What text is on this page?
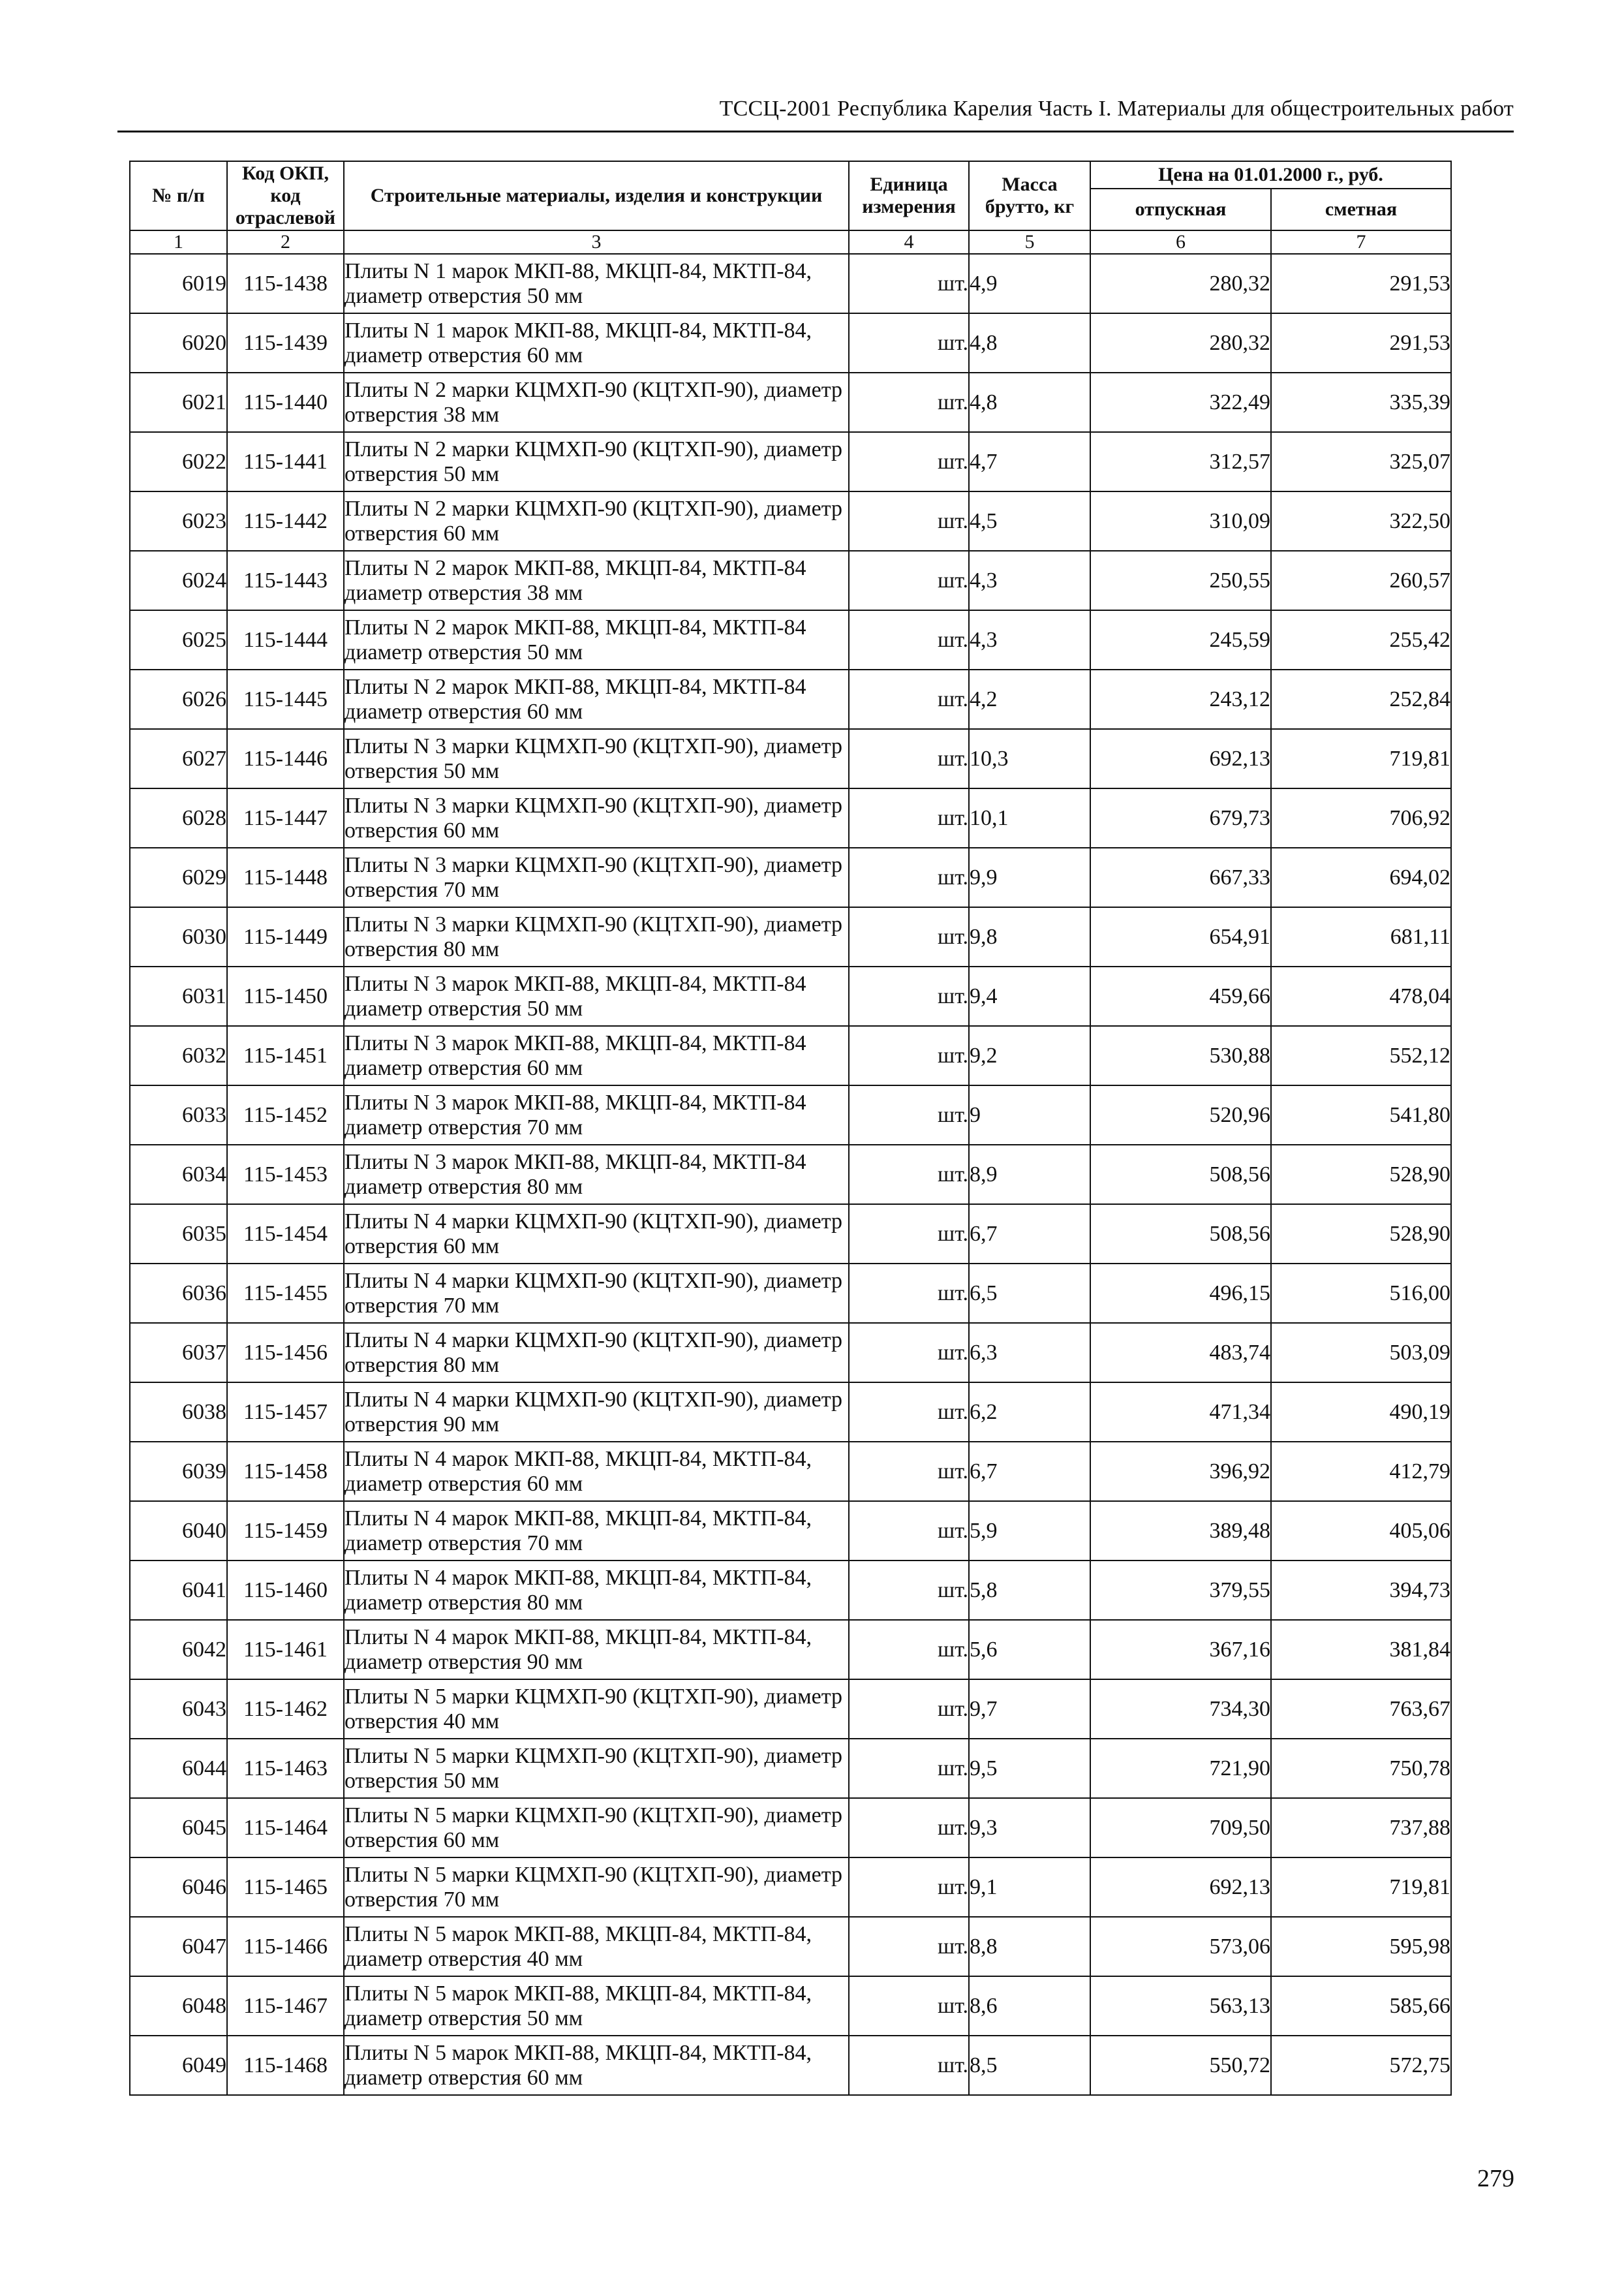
ТССЦ-2001 Республика Карелия Часть I. Материалы для общестроительных работ
№ п/п	Код ОКП, код отраслевой	Строительные материалы, изделия и конструкции	Единица измерения	Масса брутто, кг	Цена на 01.01.2000 г., руб.	
					отпускная	сметная
1	2	3	4	5	6	7
6019	115-1438	Плиты N 1 марок МКП-88, МКЦП-84, МКТП-84, диаметр отверстия 50 мм	шт.	4,9	280,32	291,53
6020	115-1439	Плиты N 1 марок МКП-88, МКЦП-84, МКТП-84, диаметр отверстия 60 мм	шт.	4,8	280,32	291,53
6021	115-1440	Плиты N 2 марки КЦМХП-90 (КЦТХП-90), диаметр отверстия 38 мм	шт.	4,8	322,49	335,39
6022	115-1441	Плиты N 2 марки КЦМХП-90 (КЦТХП-90), диаметр отверстия 50 мм	шт.	4,7	312,57	325,07
6023	115-1442	Плиты N 2 марки КЦМХП-90 (КЦТХП-90), диаметр отверстия 60 мм	шт.	4,5	310,09	322,50
6024	115-1443	Плиты N 2 марок МКП-88, МКЦП-84, МКТП-84 диаметр отверстия 38 мм	шт.	4,3	250,55	260,57
6025	115-1444	Плиты N 2 марок МКП-88, МКЦП-84, МКТП-84 диаметр отверстия 50 мм	шт.	4,3	245,59	255,42
6026	115-1445	Плиты N 2 марок МКП-88, МКЦП-84, МКТП-84 диаметр отверстия 60 мм	шт.	4,2	243,12	252,84
6027	115-1446	Плиты N 3 марки КЦМХП-90 (КЦТХП-90), диаметр отверстия 50 мм	шт.	10,3	692,13	719,81
6028	115-1447	Плиты N 3 марки КЦМХП-90 (КЦТХП-90), диаметр отверстия 60 мм	шт.	10,1	679,73	706,92
6029	115-1448	Плиты N 3 марки КЦМХП-90 (КЦТХП-90), диаметр отверстия 70 мм	шт.	9,9	667,33	694,02
6030	115-1449	Плиты N 3 марки КЦМХП-90 (КЦТХП-90), диаметр отверстия 80 мм	шт.	9,8	654,91	681,11
6031	115-1450	Плиты N 3 марок МКП-88, МКЦП-84, МКТП-84 диаметр отверстия 50 мм	шт.	9,4	459,66	478,04
6032	115-1451	Плиты N 3 марок МКП-88, МКЦП-84, МКТП-84 диаметр отверстия 60 мм	шт.	9,2	530,88	552,12
6033	115-1452	Плиты N 3 марок МКП-88, МКЦП-84, МКТП-84 диаметр отверстия 70 мм	шт.	9	520,96	541,80
6034	115-1453	Плиты N 3 марок МКП-88, МКЦП-84, МКТП-84 диаметр отверстия 80 мм	шт.	8,9	508,56	528,90
6035	115-1454	Плиты N 4 марки КЦМХП-90 (КЦТХП-90), диаметр отверстия 60 мм	шт.	6,7	508,56	528,90
6036	115-1455	Плиты N 4 марки КЦМХП-90 (КЦТХП-90), диаметр отверстия 70 мм	шт.	6,5	496,15	516,00
6037	115-1456	Плиты N 4 марки КЦМХП-90 (КЦТХП-90), диаметр отверстия 80 мм	шт.	6,3	483,74	503,09
6038	115-1457	Плиты N 4 марки КЦМХП-90 (КЦТХП-90), диаметр отверстия 90 мм	шт.	6,2	471,34	490,19
6039	115-1458	Плиты N 4 марок МКП-88, МКЦП-84, МКТП-84, диаметр отверстия 60 мм	шт.	6,7	396,92	412,79
6040	115-1459	Плиты N 4 марок МКП-88, МКЦП-84, МКТП-84, диаметр отверстия 70 мм	шт.	5,9	389,48	405,06
6041	115-1460	Плиты N 4 марок МКП-88, МКЦП-84, МКТП-84, диаметр отверстия 80 мм	шт.	5,8	379,55	394,73
6042	115-1461	Плиты N 4 марок МКП-88, МКЦП-84, МКТП-84, диаметр отверстия 90 мм	шт.	5,6	367,16	381,84
6043	115-1462	Плиты N 5 марки КЦМХП-90 (КЦТХП-90), диаметр отверстия 40 мм	шт.	9,7	734,30	763,67
6044	115-1463	Плиты N 5 марки КЦМХП-90 (КЦТХП-90), диаметр отверстия 50 мм	шт.	9,5	721,90	750,78
6045	115-1464	Плиты N 5 марки КЦМХП-90 (КЦТХП-90), диаметр отверстия 60 мм	шт.	9,3	709,50	737,88
6046	115-1465	Плиты N 5 марки КЦМХП-90 (КЦТХП-90), диаметр отверстия 70 мм	шт.	9,1	692,13	719,81
6047	115-1466	Плиты N 5 марок МКП-88, МКЦП-84, МКТП-84, диаметр отверстия 40 мм	шт.	8,8	573,06	595,98
6048	115-1467	Плиты N 5 марок МКП-88, МКЦП-84, МКТП-84, диаметр отверстия 50 мм	шт.	8,6	563,13	585,66
6049	115-1468	Плиты N 5 марок МКП-88, МКЦП-84, МКТП-84, диаметр отверстия 60 мм	шт.	8,5	550,72	572,75
279
